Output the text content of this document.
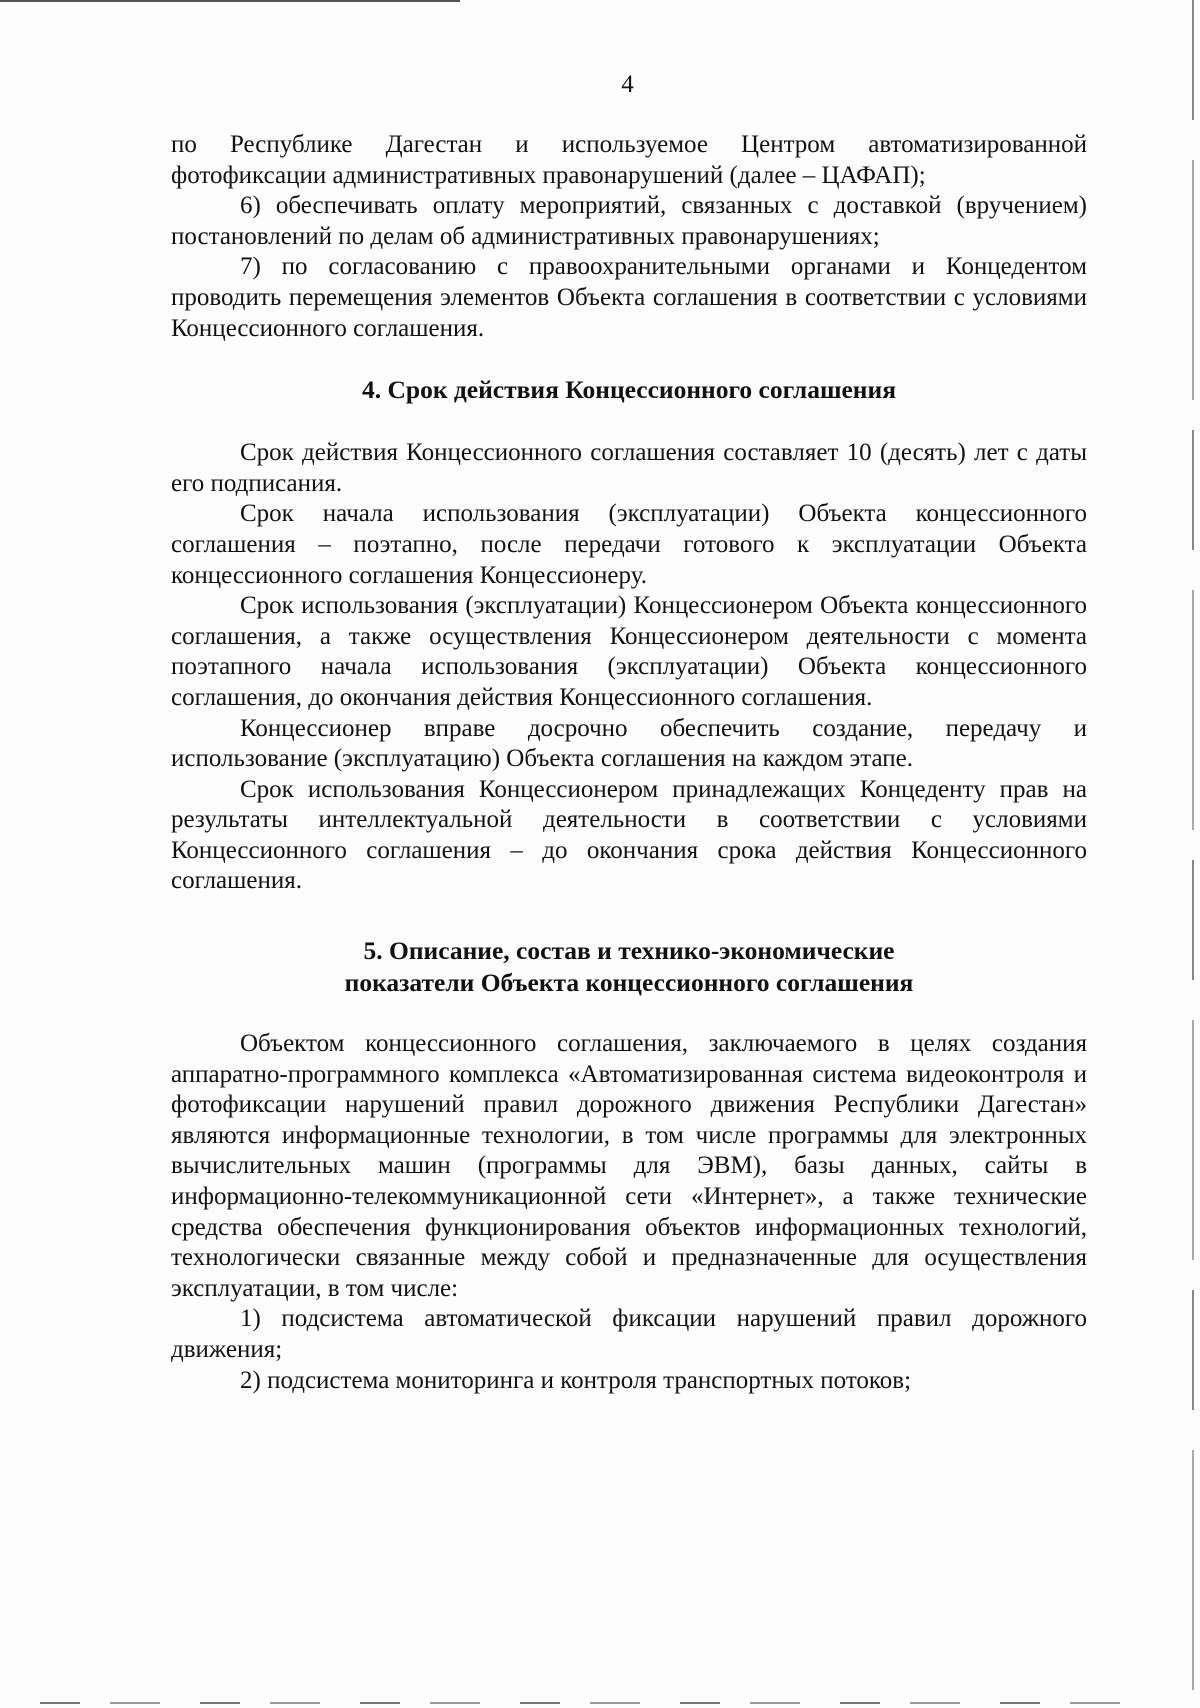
4

по Республике Дагестан и используемое Центром автоматизированной фотофиксации административных правонарушений (далее – ЦАФАП);

6) обеспечивать оплату мероприятий, связанных с доставкой (вручением) постановлений по делам об административных правонарушениях;

7) по согласованию с правоохранительными органами и Концедентом проводить перемещения элементов Объекта соглашения в соответствии с условиями Концессионного соглашения.

4. Срок действия Концессионного соглашения

Срок действия Концессионного соглашения составляет 10 (десять) лет с даты его подписания.

Срок начала использования (эксплуатации) Объекта концессионного соглашения – поэтапно, после передачи готового к эксплуатации Объекта концессионного соглашения Концессионеру.

Срок использования (эксплуатации) Концессионером Объекта концессионного соглашения, а также осуществления Концессионером деятельности с момента поэтапного начала использования (эксплуатации) Объекта концессионного соглашения, до окончания действия Концессионного соглашения.

Концессионер вправе досрочно обеспечить создание, передачу и использование (эксплуатацию) Объекта соглашения на каждом этапе.

Срок использования Концессионером принадлежащих Концеденту прав на результаты интеллектуальной деятельности в соответствии с условиями Концессионного соглашения – до окончания срока действия Концессионного соглашения.

5. Описание, состав и технико-экономические
показатели Объекта концессионного соглашения

Объектом концессионного соглашения, заключаемого в целях создания аппаратно-программного комплекса «Автоматизированная система видеоконтроля и фотофиксации нарушений правил дорожного движения Республики Дагестан» являются информационные технологии, в том числе программы для электронных вычислительных машин (программы для ЭВМ), базы данных, сайты в информационно-телекоммуникационной сети «Интернет», а также технические средства обеспечения функционирования объектов информационных технологий, технологически связанные между собой и предназначенные для осуществления эксплуатации, в том числе:

1) подсистема автоматической фиксации нарушений правил дорожного движения;

2) подсистема мониторинга и контроля транспортных потоков;
